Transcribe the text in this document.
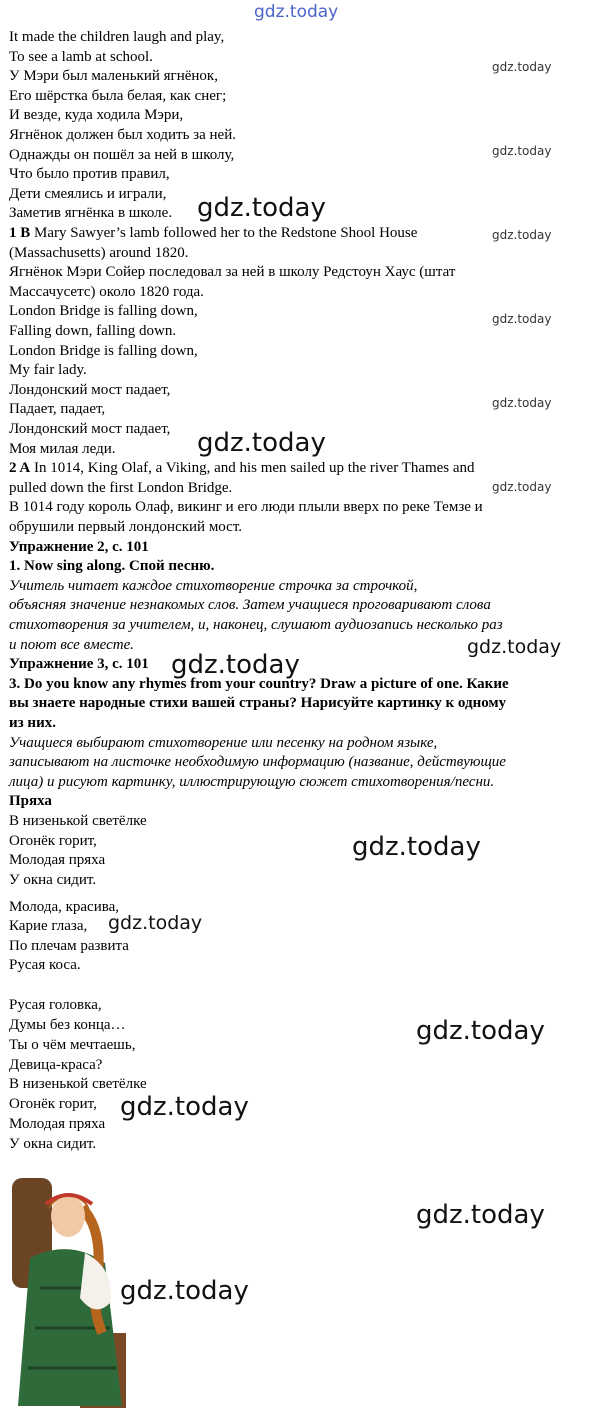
gdz.today
It made the children laugh and play,
To see a lamb at school.
У Мэри был маленький ягнёнок,
Его шёрстка была белая, как снег;
И везде, куда ходила Мэри,
Ягнёнок должен был ходить за ней.
Однажды он пошёл за ней в школу,
Что было против правил,
Дети смеялись и играли,
Заметив ягнёнка в школе.
1 B Mary Sawyer’s lamb followed her to the Redstone Shool House
(Massachusetts) around 1820.
Ягнёнок Мэри Сойер последовал за ней в школу Редстоун Хаус (штат
Массачусетс) около 1820 года.
London Bridge is falling down,
Falling down, falling down.
London Bridge is falling down,
My fair lady.
Лондонский мост падает,
Падает, падает,
Лондонский мост падает,
Моя милая леди.
2 A In 1014, King Olaf, a Viking, and his men sailed up the river Thames and
pulled down the first London Bridge.
В 1014 году король Олаф, викинг и его люди плыли вверх по реке Темзе и
обрушили первый лондонский мост.
Упражнение 2, с. 101
1. Now sing along. Спой песню.
Учитель читает каждое стихотворение строчка за строчкой,
объясняя значение незнакомых слов. Затем учащиеся проговаривают слова
стихотворения за учителем, и, наконец, слушают аудиозапись несколько раз
и поют все вместе.
Упражнение 3, с. 101
3. Do you know any rhymes from your country? Draw a picture of one. Какие
вы знаете народные стихи вашей страны? Нарисуйте картинку к одному
из них.
Учащиеся выбирают стихотворение или песенку на родном языке,
записывают на листочке необходимую информацию (название, действующие
лица) и рисуют картинку, иллюстрирующую сюжет стихотворения/песни.
Пряха
В низенькой светёлке
Огонёк горит,
Молодая пряха
У окна сидит.
Молода, красива,
Карие глаза,
По плечам развита
Русая коса.
Русая головка,
Думы без конца…
Ты о чём мечтаешь,
Девица-краса?
В низенькой светёлке
Огонёк горит,
Молодая пряха
У окна сидит.
gdz.today
gdz.today
gdz.today
gdz.today
gdz.today
gdz.today
gdz.today
gdz.today
gdz.today
gdz.today
gdz.today
gdz.today
gdz.today
gdz.today
gdz.today
gdz.today
